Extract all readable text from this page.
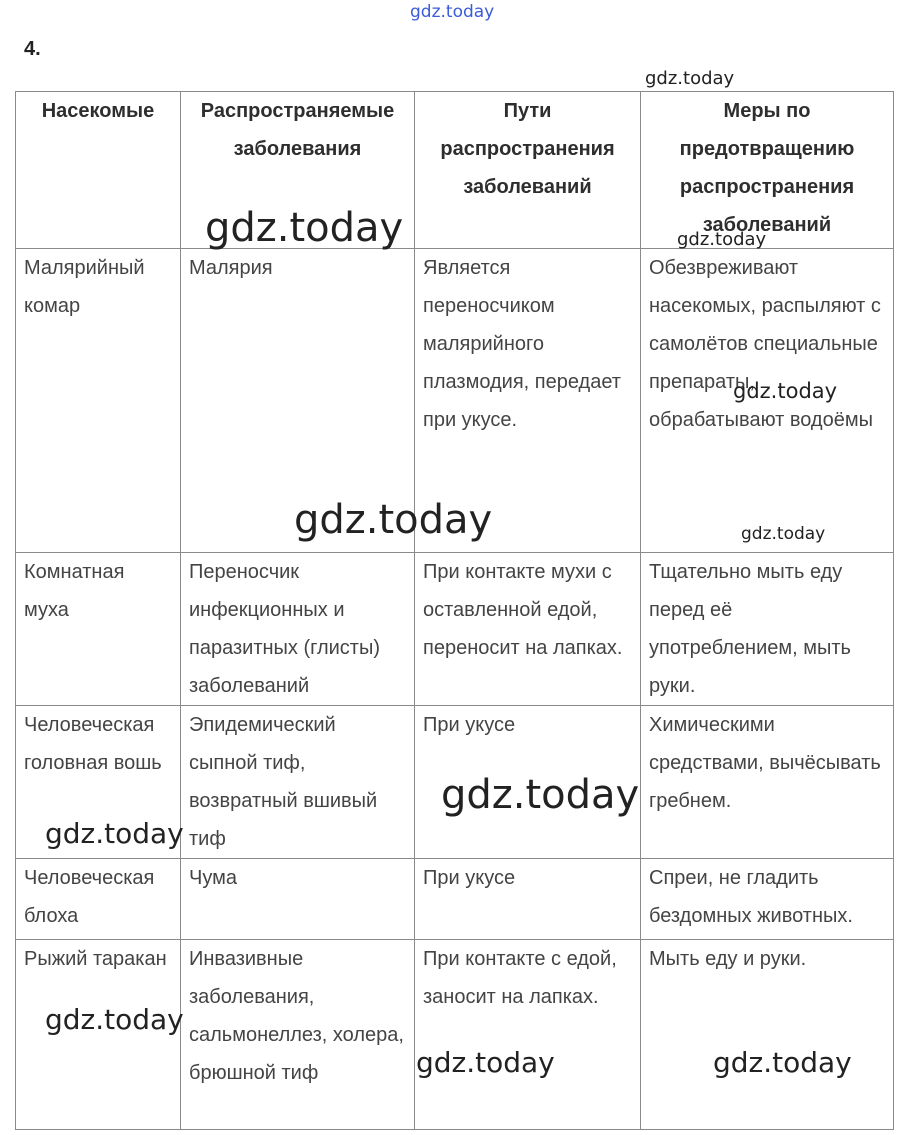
4.
Насекомые	Распространяемые заболевания	Пути распространения заболеваний	Меры по предотвращению распространения заболеваний
Малярийный комар	Малярия	Является переносчиком малярийного плазмодия, передает при укусе.	Обезвреживают насекомых, распыляют с самолётов специальные препараты, обрабатывают водоёмы
Комнатная муха	Переносчик инфекционных и паразитных (глисты) заболеваний	При контакте мухи с оставленной едой, переносит на лапках.	Тщательно мыть еду перед её употреблением, мыть руки.
Человеческая головная вошь	Эпидемический сыпной тиф, возвратный вшивый тиф	При укусе	Химическими средствами, вычёсывать гребнем.
Человеческая блоха	Чума	При укусе	Спреи, не гладить бездомных животных.
Рыжий таракан	Инвазивные заболевания, сальмонеллез, холера, брюшной тиф	При контакте с едой, заносит на лапках.	Мыть еду и руки.
gdz.today
gdz.today
gdz.today	gdz.today
gdz.today
gdz.today	gdz.today
gdz.today
gdz.today
gdz.today
gdz.today	gdz.today
